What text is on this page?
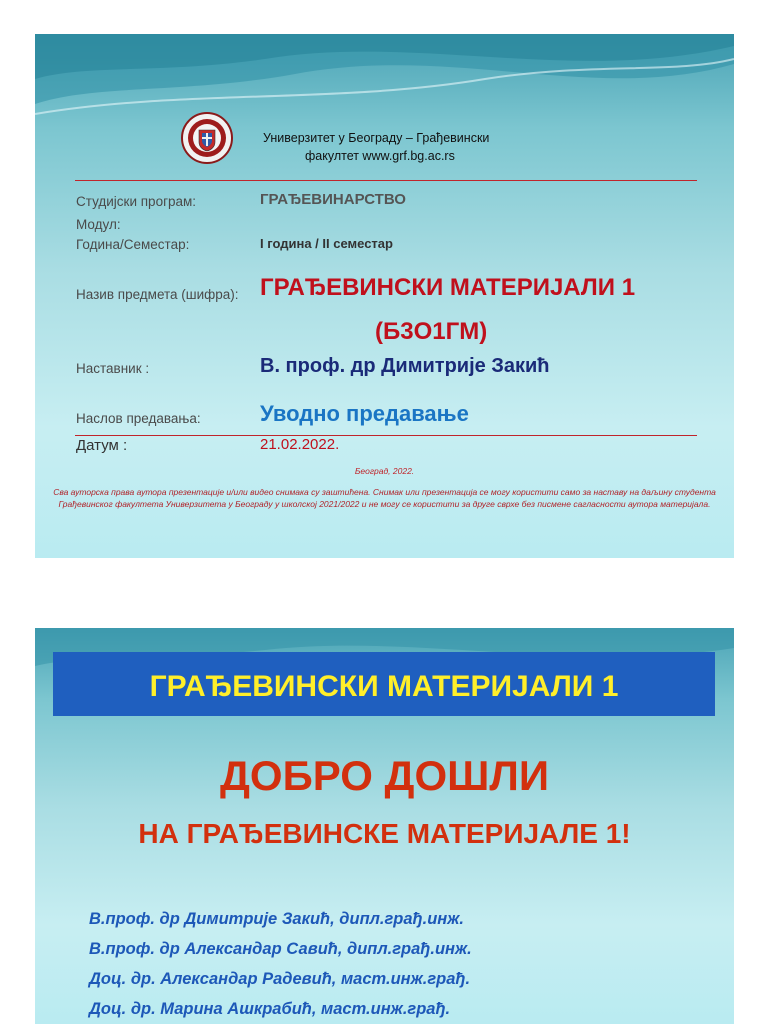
Универзитет у Београду – Грађевински
факултет www.grf.bg.ac.rs
Студијски програм:	ГРАЂЕВИНАРСТВО
Модул:
Година/Семестар:	I година / II семестар
Назив предмета (шифра): ГРАЂЕВИНСКИ МАТЕРИЈАЛИ 1
(Б3О1ГМ)
Наставник :	В. проф. др Димитрије Закић
Наслов предавања:	Уводно предавање
Датум :	21.02.2022.
Београд, 2022.
Сва ауторска права аутора презентације и/или видео снимака су заштићена. Снимак или презентација се могу користити само за наставу на даљину студента Грађевинског факултета Универзитета у Београду у школској 2021/2022 и не могу се користити за друге сврхе без писмене сагласности аутора материјала.
ГРАЂЕВИНСКИ МАТЕРИЈАЛИ 1
ДОБРО ДОШЛИ
НА ГРАЂЕВИНСКЕ МАТЕРИЈАЛЕ 1!
В.проф. др Димитрије Закић, дипл.грађ.инж.
В.проф. др Александар Савић, дипл.грађ.инж.
Доц. др. Александар Радевић, маст.инж.грађ.
Доц. др. Марина Ашкрабић, маст.инж.грађ.
